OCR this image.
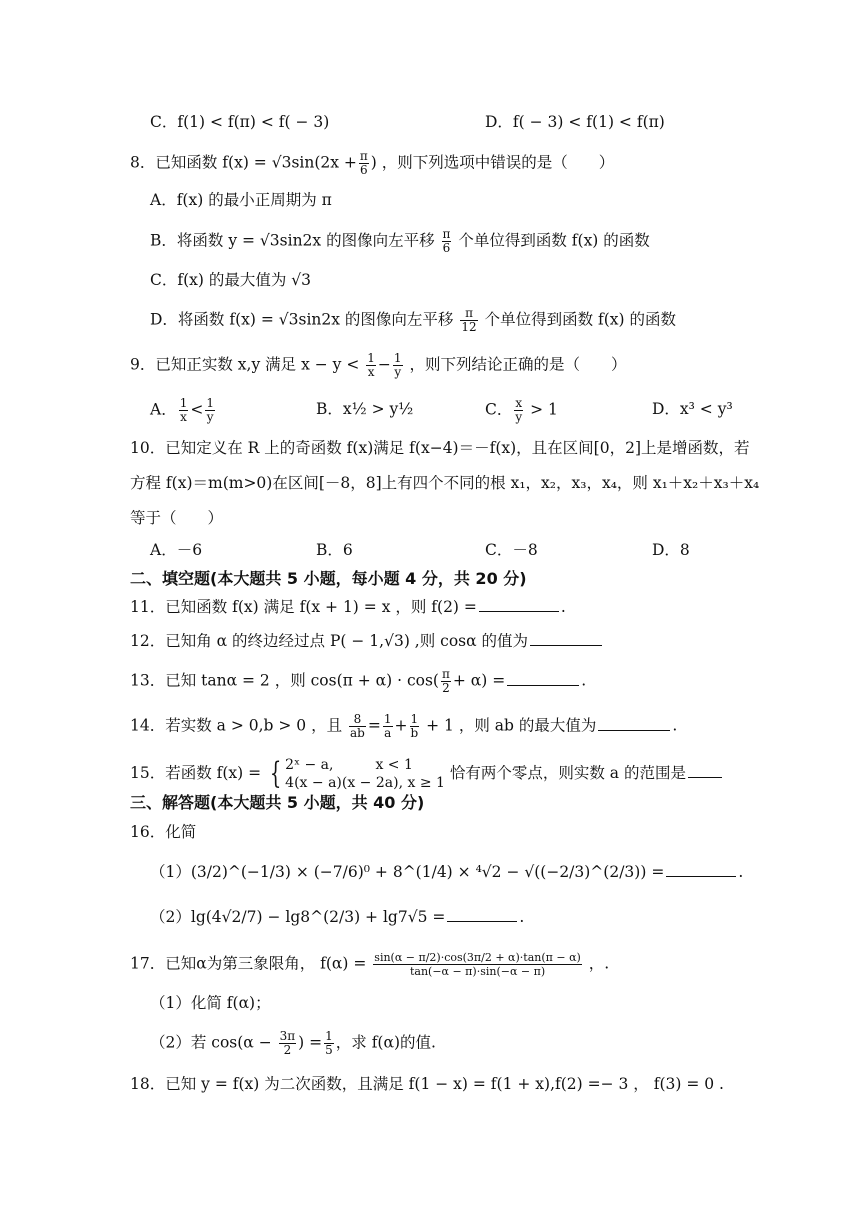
C．f(1) < f(π) < f( − 3)	D．f( − 3) < f(1) < f(π)
8．已知函数 $f(x) = √3\sin(2x + \frac{\pi}{6}$ ) ，则下列选项中错误的是（　　）
A．f(x) 的最小正周期为 π
B．将函数 y = √3sin2x 的图像向左平移 $\frac{\pi}{6}$ 个单位得到函数 f(x) 的函数
C．f(x) 的最大值为 √3
D．将函数 f(x) = √3sin2x 的图像向左平移 $\frac{\pi}{12}$ 个单位得到函数 f(x) 的函数
9．已知正实数 x,y 满足 $x - y < \frac{1}{x} - \frac{1}{y}$ ，则下列结论正确的是（　　）
A． $\frac{1}{x} < \frac{1}{y}$	B．x½ > y½	C． $\frac{x}{y} > 1$	D．x³ < y³
10．已知定义在 R 上的奇函数 f(x)满足 f(x−4)＝－f(x)，且在区间[0，2]上是增函数，若
方程 f(x)＝m(m>0)在区间[－8，8]上有四个不同的根 x₁，x₂，x₃，x₄，则 x₁＋x₂＋x₃＋x₄
等于（　　）
A．－6	B．6	C．－8	D．8
二、填空题(本大题共 5 小题，每小题 4 分，共 20 分)
11．已知函数 f(x) 满足 f(x + 1) = x ，则 f(2) =	.
12．已知角 α 的终边经过点 P( − 1,√3) ,则 cosα 的值为
13．已知 tanα = 2 ，则 $\cos(\pi + \alpha) \cdot \cos( \frac{\pi}{2} + \alpha)$ =	.
14．若实数 a > 0,b > 0 ，且 $\frac{8}{ab} = \frac{1}{a} + \frac{1}{b} + 1$ ，则 ab 的最大值为	.
15．若函数 f(x) = { 2ˣ − a,　　　x < 1
4(x − a)(x − 2a), x ≥ 1
恰有两个零点，则实数 a 的范围是
三、解答题(本大题共 5 小题，共 40 分)
16．化简
（1）(3/2)^(−1/3) × (−7/6)⁰ + 8^(1/4) × ⁴√2 − √((−2/3)^(2/3)) =	.
（2）lg(4√2/7) − lg8^(2/3) + lg7√5 =	.
17．已知α为第三象限角， $f(\alpha) = \frac{\sin(\alpha - \pi/2)\cdot\cos(3\pi/2 + \alpha)\cdot\tan(\pi - \alpha)}{\tan(-\alpha - \pi)\cdot\sin(-\alpha - \pi)}$ ，.
（1）化简 f(α)；
（2）若 $\cos(\alpha - \frac{3\pi}{2}$ ) = $\frac{1}{5}$ ，求 f(α)的值.
18．已知 y = f(x) 为二次函数，且满足 f(1 − x) = f(1 + x),f(2) =− 3 ， f(3) = 0 .
